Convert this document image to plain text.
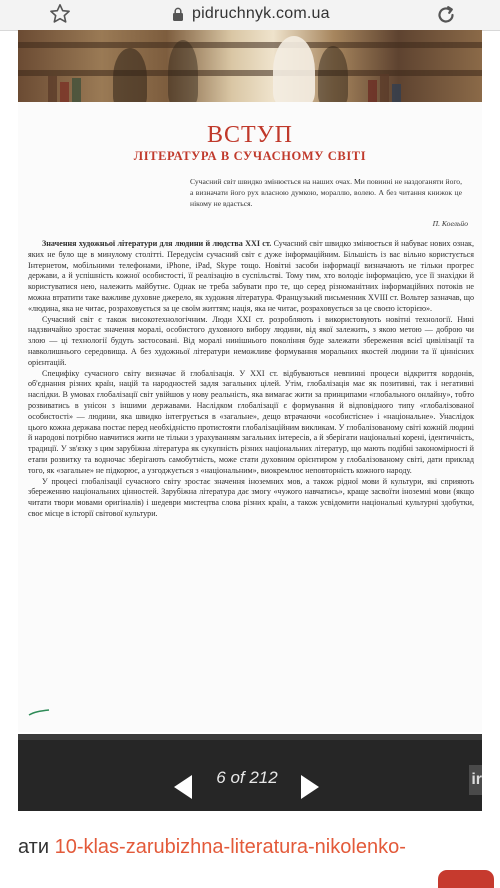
pidruchnyk.com.ua
ВСТУП
ЛІТЕРАТУРА В СУЧАСНОМУ СВІТІ
Сучасний світ швидко змінюється на наших очах. Ми повинні не наздоганяти його, а визначати його рух власною думкою, мораллю, волею. А без читання книжок це нікому не вдасться.
П. Коельйо

Значення художньої літератури для людини й людства XXI ст. Сучасний світ швидко змінюється й набуває нових ознак, яких не було ще в минулому столітті. Передусім сучасний світ є дуже інформаційним. Більшість із вас вільно користується Інтернетом, мобільними телефонами, iPhone, iPad, Skype тощо. Новітні засоби інформації визначають не тільки прогрес держави, а й успішність кожної особистості, її реалізацію в суспільстві. Тому тим, хто володіє інформацією, усе її знахідки й користуватися нею, належить майбутнє. Однак не треба забувати про те, що серед різноманітних інформаційних потоків не можна втратити таке важливе духовне джерело, як художня література. Французький письменник XVIII ст. Вольтер зазначав, що «людина, яка не читає, розраховується за це своїм життям; нація, яка не читає, розраховується за це своєю історією».

Сучасний світ є також високотехнологічним. Люди XXI ст. розробляють і використовують новітні технології. Нині надзвичайно зростає значення моралі, особистого духовного вибору людини, від якої залежить, з якою метою — доброю чи злою — ці технології будуть застосовані. Від моралі нинішнього покоління буде залежати збереження всієї цивілізації та навколишнього середовища. А без художньої літератури неможливе формування моральних якостей людини та її ціннісних орієнтацій.

Специфіку сучасного світу визначає й глобалізація. У XXI ст. відбуваються невпинні процеси відкриття кордонів, об'єднання різних країн, націй та народностей задля загальних цілей. Утім, глобалізація має як позитивні, так і негативні наслідки. В умовах глобалізації світ увійшов у нову реальність, яка вимагає жити за принципами «глобального онлайну», тобто розвиватись в унісон з іншими державами. Наслідком глобалізації є формування й відповідного типу «глобалізованої особистості» — людини, яка швидко інтегрується в «загальне», дещо втрачаючи «особистісне» і «національне». Унаслідок цього кожна держава постає перед необхідністю протистояти глобалізаційним викликам. У глобалізованому світі кожній людині й народові потрібно навчитися жити не тільки з урахуванням загальних інтересів, а й зберігати національні корені, ідентичність, традиції. У зв'язку з цим зарубіжна література як сукупність різних національних літератур, що мають подібні закономірності й етапи розвитку та водночас зберігають самобутність, може стати духовним орієнтиром у глобалізованому світі, дати приклад того, як «загальне» не підкорює, а узгоджується з «національним», виокремлює неповторність кожного народу.

У процесі глобалізації сучасного світу зростає значення іноземних мов, а також рідної мови й культури, які сприяють збереженню національних цінностей. Зарубіжна література дає змогу «чужого навчатись», краще засвоїти іноземні мови (якщо читати твори мовами оригіналів) і шедеври мистецтва слова різних країн, а також усвідомити національні культурні здобутки, своє місце в історії світової культури.

6 of 212	ir
ати 10-klas-zarubizhna-literatura-nikolenko-
